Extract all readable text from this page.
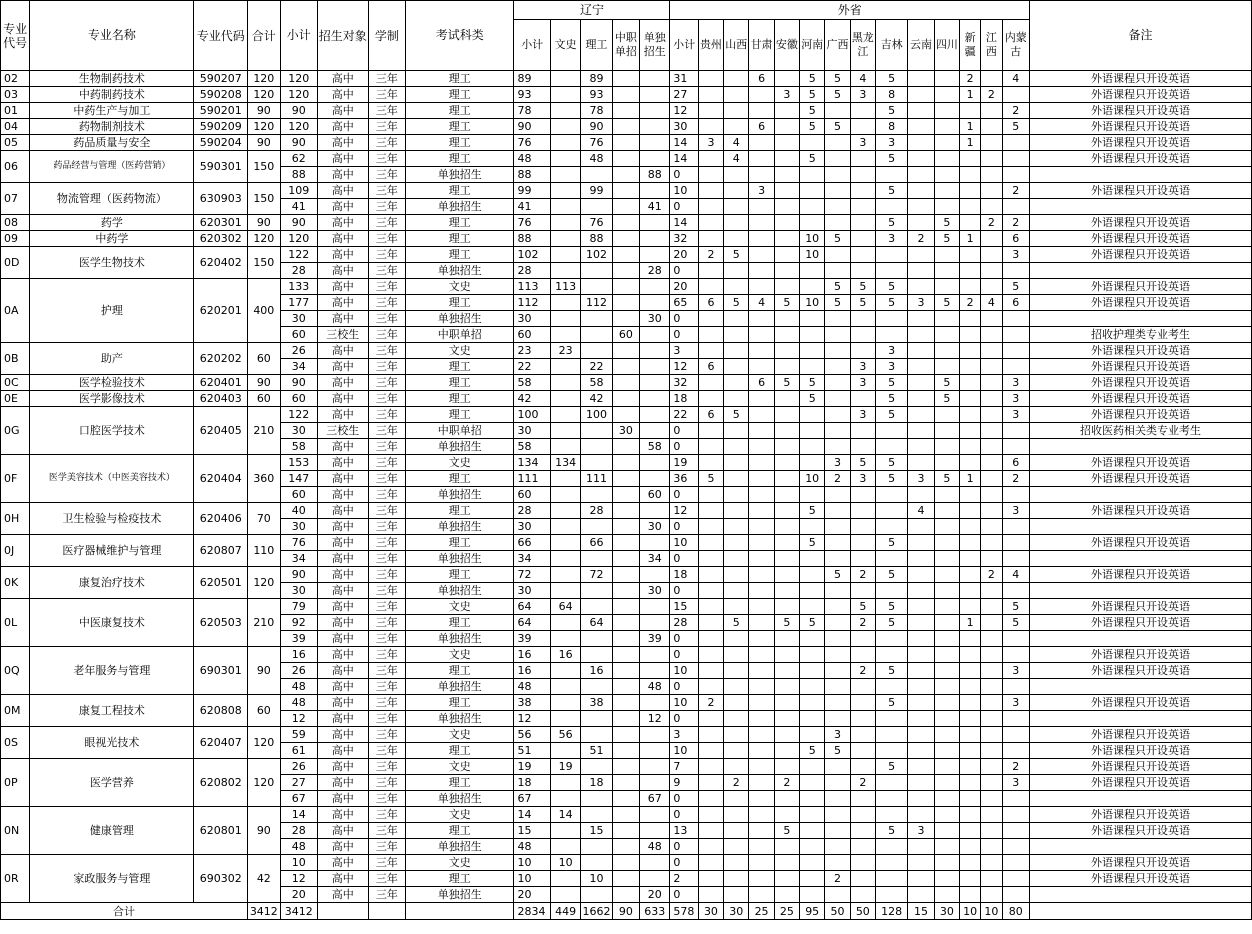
专业代号	专业名称	专业代码	合计	小计	招生对象	学制	考试科类	辽宁					外省														备注
								小计	文史	理工	中职单招	单独招生	小计	贵州	山西	甘肃	安徽	河南	广西	黑龙江	吉林	云南	四川	新疆	江西	内蒙古	
02	生物制药技术	590207	120	120	高中	三年	理工	89		89			31			6		5	5	4	5			2		4	外语课程只开设英语
03	中药制药技术	590208	120	120	高中	三年	理工	93		93			27				3	5	5	3	8			1	2		外语课程只开设英语
01	中药生产与加工	590201	90	90	高中	三年	理工	78		78			12					5			5					2	外语课程只开设英语
04	药物制剂技术	590209	120	120	高中	三年	理工	90		90			30			6		5	5		8			1		5	外语课程只开设英语
05	药品质量与安全	590204	90	90	高中	三年	理工	76		76			14	3	4					3	3			1			外语课程只开设英语
06	药品经营与管理（医药营销）	590301	150	62	高中	三年	理工	48		48			14		4			5			5						外语课程只开设英语
				88	高中	三年	单独招生	88				88	0														
07	物流管理（医药物流）	630903	150	109	高中	三年	理工	99		99			10			3					5					2	外语课程只开设英语
				41	高中	三年	单独招生	41				41	0														
08	药学	620301	90	90	高中	三年	理工	76		76			14								5		5		2	2	外语课程只开设英语
09	中药学	620302	120	120	高中	三年	理工	88		88			32					10	5		3	2	5	1		6	外语课程只开设英语
0D	医学生物技术	620402	150	122	高中	三年	理工	102		102			20	2	5			10								3	外语课程只开设英语
				28	高中	三年	单独招生	28				28	0														
0A	护理	620201	400	133	高中	三年	文史	113	113				20						5	5	5					5	外语课程只开设英语
				177	高中	三年	理工	112		112			65	6	5	4	5	10	5	5	5	3	5	2	4	6	外语课程只开设英语
				30	高中	三年	单独招生	30				30	0														
				60	三校生	三年	中职单招	60			60		0														招收护理类专业考生
0B	助产	620202	60	26	高中	三年	文史	23	23				3								3						外语课程只开设英语
				34	高中	三年	理工	22		22			12	6						3	3						外语课程只开设英语
0C	医学检验技术	620401	90	90	高中	三年	理工	58		58			32			6	5	5		3	5		5			3	外语课程只开设英语
0E	医学影像技术	620403	60	60	高中	三年	理工	42		42			18					5			5		5			3	外语课程只开设英语
0G	口腔医学技术	620405	210	122	高中	三年	理工	100		100			22	6	5					3	5					3	外语课程只开设英语
				30	三校生	三年	中职单招	30			30		0														招收医药相关类专业考生
				58	高中	三年	单独招生	58				58	0														
0F	医学美容技术（中医美容技术）	620404	360	153	高中	三年	文史	134	134				19						3	5	5					6	外语课程只开设英语
				147	高中	三年	理工	111		111			36	5				10	2	3	5	3	5	1		2	外语课程只开设英语
				60	高中	三年	单独招生	60				60	0														
0H	卫生检验与检疫技术	620406	70	40	高中	三年	理工	28		28			12					5				4				3	外语课程只开设英语
				30	高中	三年	单独招生	30				30	0														
0J	医疗器械维护与管理	620807	110	76	高中	三年	理工	66		66			10					5			5						外语课程只开设英语
				34	高中	三年	单独招生	34				34	0														
0K	康复治疗技术	620501	120	90	高中	三年	理工	72		72			18						5	2	5				2	4	外语课程只开设英语
				30	高中	三年	单独招生	30				30	0														
0L	中医康复技术	620503	210	79	高中	三年	文史	64	64				15							5	5					5	外语课程只开设英语
				92	高中	三年	理工	64		64			28		5		5	5		2	5			1		5	外语课程只开设英语
				39	高中	三年	单独招生	39				39	0														
0Q	老年服务与管理	690301	90	16	高中	三年	文史	16	16				0														外语课程只开设英语
				26	高中	三年	理工	16		16			10							2	5					3	外语课程只开设英语
				48	高中	三年	单独招生	48				48	0														
0M	康复工程技术	620808	60	48	高中	三年	理工	38		38			10	2							5					3	外语课程只开设英语
				12	高中	三年	单独招生	12				12	0														
0S	眼视光技术	620407	120	59	高中	三年	文史	56	56				3						3								外语课程只开设英语
				61	高中	三年	理工	51		51			10					5	5								外语课程只开设英语
0P	医学营养	620802	120	26	高中	三年	文史	19	19				7								5					2	外语课程只开设英语
				27	高中	三年	理工	18		18			9		2		2			2						3	外语课程只开设英语
				67	高中	三年	单独招生	67				67	0														
0N	健康管理	620801	90	14	高中	三年	文史	14	14				0														外语课程只开设英语
				28	高中	三年	理工	15		15			13				5				5	3					外语课程只开设英语
				48	高中	三年	单独招生	48				48	0														
0R	家政服务与管理	690302	42	10	高中	三年	文史	10	10				0														外语课程只开设英语
				12	高中	三年	理工	10		10			2						2								外语课程只开设英语
				20	高中	三年	单独招生	20				20	0														
合计			3412	3412				2834	449	1662	90	633	578	30	30	25	25	95	50	50	128	15	30	10	10	80	
